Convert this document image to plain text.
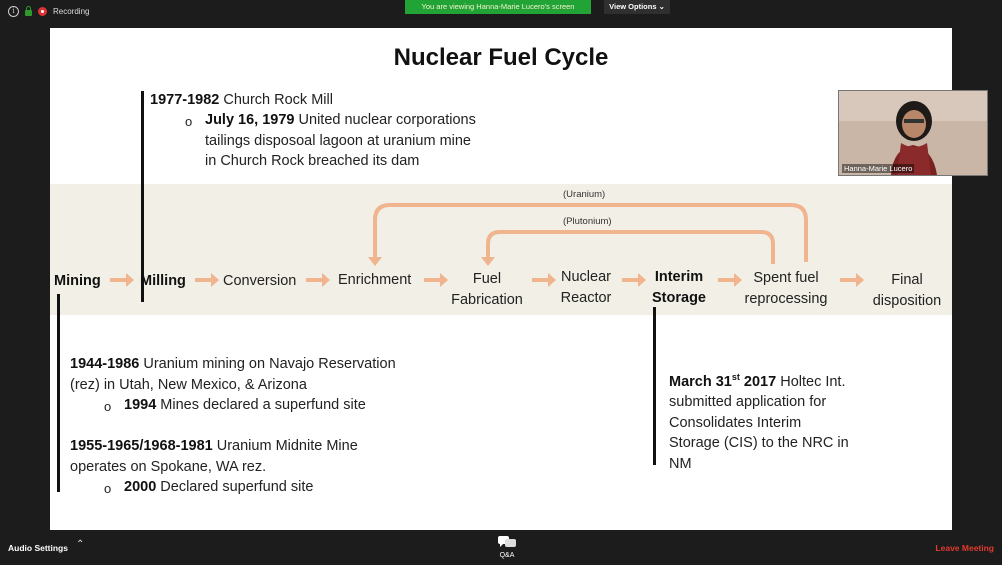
i	Recording
You are viewing Hanna-Marie Lucero's screen	View Options ⌄
Nuclear Fuel Cycle
1977-1982 Church Rock Mill
o July 16, 1979 United nuclear corporations
tailings disposoal lagoon at uranium mine
in Church Rock breached its dam
(Uranium)
(Plutonium)
Mining	Milling	Conversion	Enrichment	Fuel
Fabrication
Nuclear
Reactor
Interim
Storage
Spent fuel
reprocessing
Final
disposition
1944-1986 Uranium mining on Navajo Reservation
(rez) in Utah, New Mexico, & Arizona
o 1994 Mines declared a superfund site
1955-1965/1968-1981 Uranium Midnite Mine
operates on Spokane, WA rez.
o 2000 Declared superfund site
March 31st 2017 Holtec Int.
submitted application for
Consolidates Interim
Storage (CIS) to the NRC in
NM
Hanna-Marie Lucero
Audio Settings ⌃
Q&A
Leave Meeting
